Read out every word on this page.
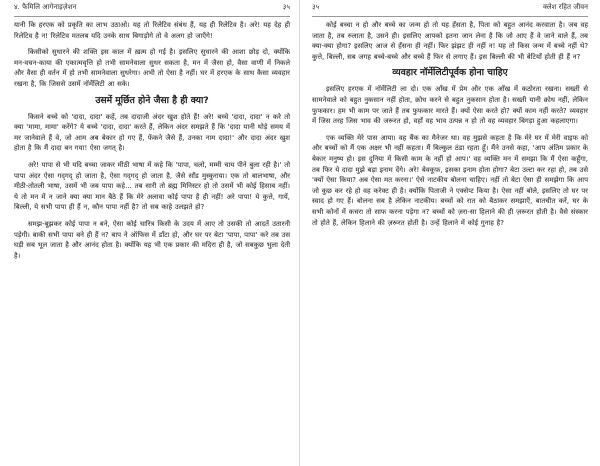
४. फैमिलि आगेनाइज़ेशन	३५

यानी कि हरएक को प्रकृति का लाभ उठाओ। यह तो रिलेटिव संबंध हैं, यह ही रिलेटिव है। अरे! यह देह ही रिलेटिव है न! रिलेटिव मतलब यदि उनके साथ बिगाड़ोगे तो वे अलग हो जाएँगे!

किसीको सुधारने की शक्ति इस काल में ख़त्म हो गई है। इसलिए सुधारने की आशा छोड़ दो, क्योंकि मन-वचन-काया की एकात्मवृत्ति हो तभी सामनेवाला सुधर सकता है, मन में जैसा हो, वैसा वाणी में निकले और वैसा ही वर्तन में हो तभी सामनेवाला सुधरेगा। अभी तो ऐसा है नहीं। घर में हरएक के साथ कैसा व्यवहार रखना है, कि जिससे उसमें नॉर्मेलिटी आ सके।

उसमें मूर्छित होने जैसा है ही क्या?

किसने बच्चे को 'दादा, दादा' कहें, तब दादाजी अंदर खुश होते हैं! अरे! बच्चे 'दादा, दादा' न करे तो क्या 'मामा, मामा' करेंगे? ये बच्चे 'दादा, दादा' करते हैं, लेकिन अंदर समझते हैं कि 'दादा यानी थोड़े समय में मर जानेवाले हैं वे, जो आम अब बेकार हो गए हैं, फेंकने जैसे हैं, उनका नाम दादा!' और दादा अंदर खुश होता है कि मैं दादा बन गया! ऐसा जगत् है।

अरे! पापा से भी यदि बच्चा जाकर मीठी भाषा में कहे कि 'पापा, चलो, मम्मी चाय पीने बुला रही है।' तो पापा अंदर ऐसा गद्‌गद् हो जाता है, ऐसा गद्‌गद् हो जाता है, जैसे साँड मुस्कुराया। एक तो बालभाषा, और मीठी-तोतली भाषा, उसमें भी जब पापा कहे... तब सारी तो ब्रह्म मिनिस्टर हो तो उसमें भी कोई हिसाब नहीं। ये तो मन में न जाने क्या क्या मान बैठे हैं कि मेरे अलावा कोई पापा है ही नहीं! अरे पापा! ये कुत्ते, गायें, बिल्ली, ये सभी पापा ही हैं न, कौन पापा नहीं है? तो सब काहे उलझते हो?

समझ-बूझकर कोई पापा न बने, ऐसा कोई चारित्र किसी के उदय में आए तो उसकी तो आदतें उतारनी पड़ेगी। बाकी सभी पापा बने ही हैं न? बाप ने ऑफिस में डाँटा हो, और घर पर बेटा 'पापा, पापा' करे तब उस घड़ी सब भूल जाता है और आनंद होता है। क्योंकि यह भी एक प्रकार की मदिरा ही है, जो सबकुछ भुला देती है।

३५	क्लेश रहित जीवन

कोई बच्चा न हो और बच्चे का जन्म हो तो यह हँसता है, पिता को बहुत आनंद करवाता है। जब वह जाता है, तब रुलाता है, उसने ही। इसलिए आपको इतना जान लेना है कि जो आए हैं वे जाने वाले हैं, तब क्या-क्या होगा? इसलिए आज से हँसना ही नहीं। फिर झंझट ही नहीं न! यह तो किस जन्म में बच्चे नहीं थे? कुत्ते, बिल्ली, सब जगह बच्चे-बच्चे और बच्चे हैं फिर से लगाए हैं। इस बिल्ली की भी बेटियाँ होती ही हैं न?

व्यवहार नॉर्मेलिटीपूर्वक होना चाहिए

इसलिए हरएक में नॉर्मेलिटी ला दो। एक आँख में प्रेम और एक आँख में कठोरता रखना। सख्ती से सामनेवाले को बहुत नुकसान नहीं होता, क्रोध करने से बहुत नुकसान होता है। सख्ती यानी क्रोध नहीं, लेकिन फुफकार। हम भी काम पर जाते हैं तब फुफकार मारते हैं। क्यों ऐसा करते हो? क्यों काम नहीं करते? व्यवहार में जिस तरह जिस भाव की जरूरत हो, वहाँ वह भाव उत्पन्न न हो तो वह व्यवहार बिगड़ा हुआ कहलाएगा।

एक व्यक्ति मेरे पास आया। वह बैंक का मैनेजर था। वह मुझसे कहता है कि मेरे घर में मेरी वाइफ को और बच्चों को मैं एक अक्षर भी नहीं कहता। मैं बिल्कुल ठंडा रहता हूँ। मैंने उनसे कहा, 'आप अंतिम प्रकार के बेकार मनुष्य हो। इस दुनिया में किसी काम के नहीं हो आप।' वह व्यक्ति मन में समझा कि मैं ऐसा कहूँगा, तब फिर ये दादा मुझे बड़ा इनाम देंगे। अरे! बेवकूफ़, इसका इनाम होता होगा? बेटा उल्टा कर रहा हो, तब उसे 'क्यों ऐसा किया? अब ऐसा मत करना।' ऐसे नाटकीय बोलना चाहिए। नहीं तो बेटा ऐसा ही समझेगा कि आप जो कुछ कर रहे हो वह करेक्ट ही है। क्योंकि पिताजी ने एक्सेप्ट किया है। ऐसा नहीं बोले, इसलिए तो घर पर स्वाद हो गए हैं। बोलना सब है लेकिन नाटकीय। बच्चों को रात को बैठाकर समझाएँ, बातचीत करें, घर के सभी कोनों में कचरा तो साफ करना पड़ेगा न? बच्चों को ज़रा-सा हिलाने की ही ज़रूरत होती है। वैसे संस्कार तो होते हैं, लेकिन हिलाने की ज़रूरत होती है। उन्हें हिलाने में कोई गुनाह है?
